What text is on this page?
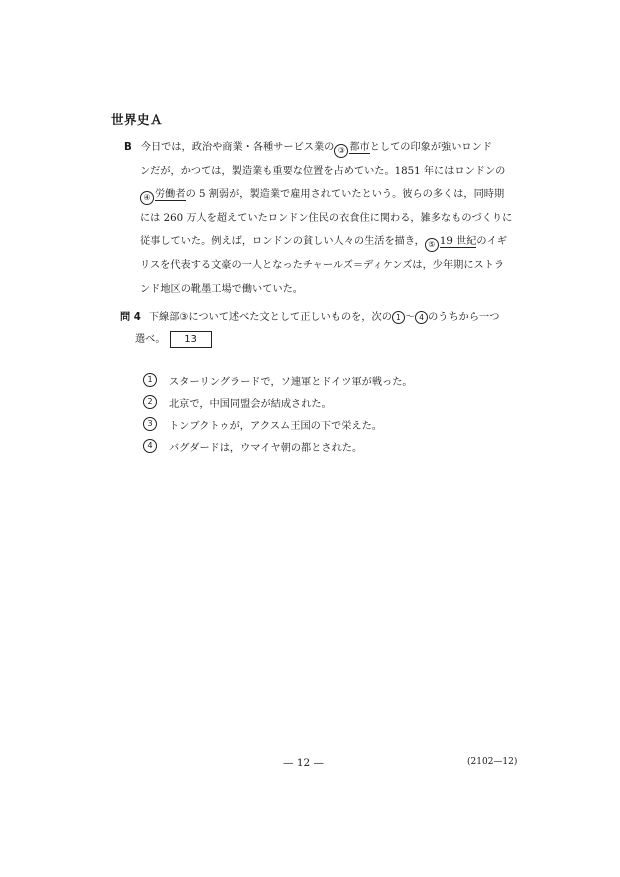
世界史Ａ
B 今日では，政治や商業・各種サービス業の ③ 都市としての印象が強いロンド
ンだが，かつては，製造業も重要な位置を占めていた。1851 年にはロンドンの
④ 労働者の 5 割弱が，製造業で雇用されていたという。彼らの多くは，同時期
には 260 万人を超えていたロンドン住民の衣食住に関わる，雑多なものづくりに
従事していた。例えば，ロンドンの貧しい人々の生活を描き， ⑤ 19 世紀のイギ
リスを代表する文豪の一人となったチャールズ＝ディケンズは，少年期にストラ
ンド地区の靴墨工場で働いていた。
問 4 下線部③について述べた文として正しいものを，次の 1 ～ 4 のうちから一つ
選べ。 13
1	スターリングラードで，ソ連軍とドイツ軍が戦った。
2	北京で，中国同盟会が結成された。
3	トンブクトゥが，アクスム王国の下で栄えた。
4	バグダードは，ウマイヤ朝の都とされた。
— 12 —	(2102—12)
